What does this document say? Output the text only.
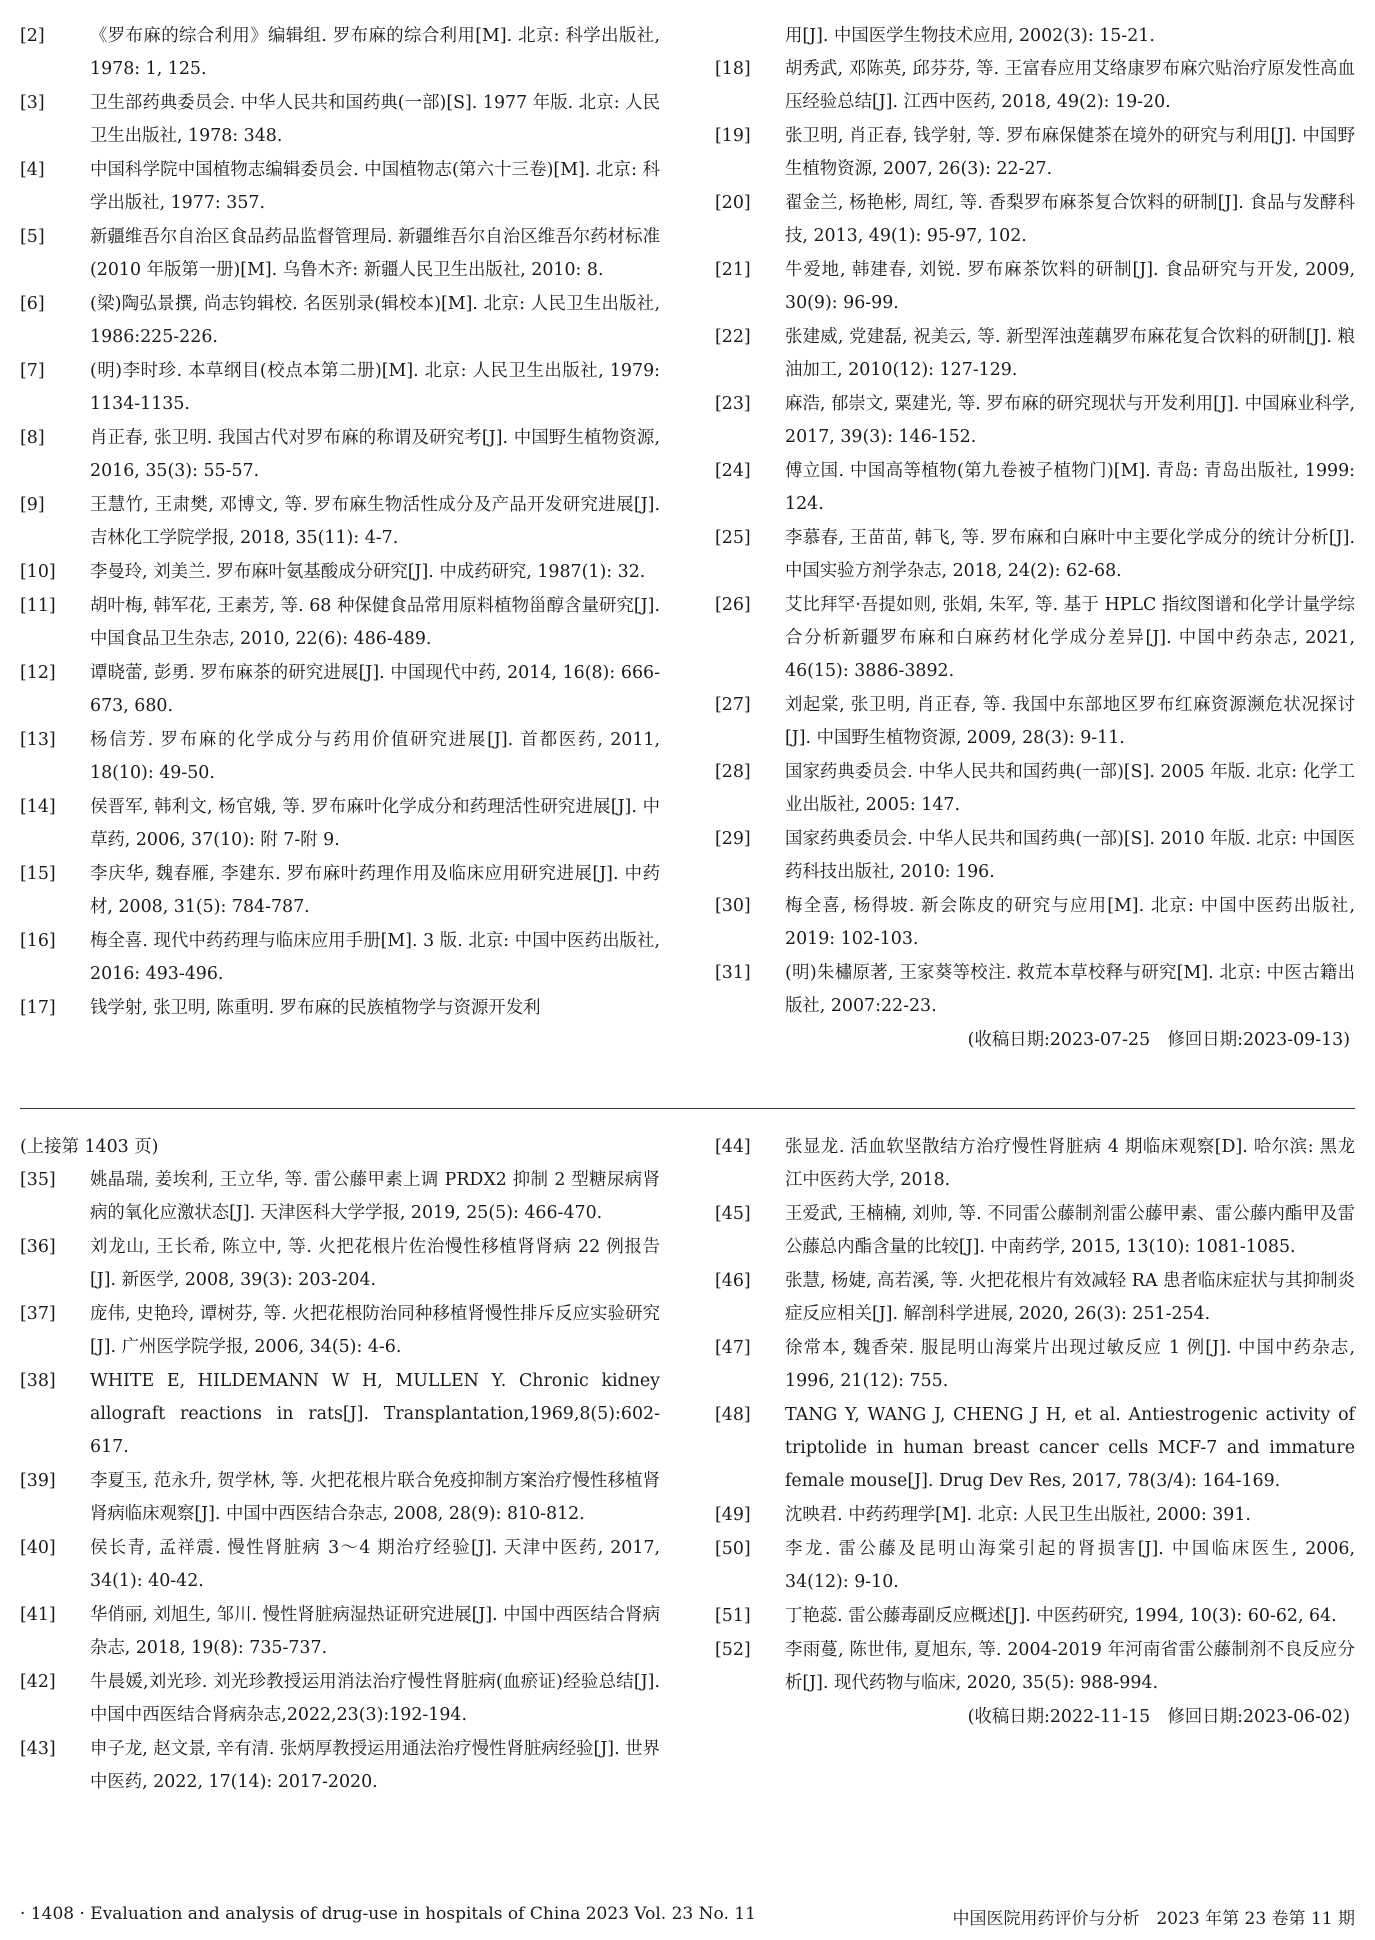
[2]	《罗布麻的综合利用》编辑组. 罗布麻的综合利用[M]. 北京: 科学出版社, 1978: 1, 125.
[3]	卫生部药典委员会. 中华人民共和国药典(一部)[S]. 1977 年版. 北京: 人民卫生出版社, 1978: 348.
[4]	中国科学院中国植物志编辑委员会. 中国植物志(第六十三卷)[M]. 北京: 科学出版社, 1977: 357.
[5]	新疆维吾尔自治区食品药品监督管理局. 新疆维吾尔自治区维吾尔药材标准(2010 年版第一册)[M]. 乌鲁木齐: 新疆人民卫生出版社, 2010: 8.
[6]	(梁)陶弘景撰, 尚志钧辑校. 名医别录(辑校本)[M]. 北京: 人民卫生出版社, 1986:225-226.
[7]	(明)李时珍. 本草纲目(校点本第二册)[M]. 北京: 人民卫生出版社, 1979: 1134-1135.
[8]	肖正春, 张卫明. 我国古代对罗布麻的称谓及研究考[J]. 中国野生植物资源, 2016, 35(3): 55-57.
[9]	王慧竹, 王肃樊, 邓博文, 等. 罗布麻生物活性成分及产品开发研究进展[J]. 吉林化工学院学报, 2018, 35(11): 4-7.
[10]	李曼玲, 刘美兰. 罗布麻叶氨基酸成分研究[J]. 中成药研究, 1987(1): 32.
[11]	胡叶梅, 韩军花, 王素芳, 等. 68 种保健食品常用原料植物甾醇含量研究[J]. 中国食品卫生杂志, 2010, 22(6): 486-489.
[12]	谭晓蕾, 彭勇. 罗布麻茶的研究进展[J]. 中国现代中药, 2014, 16(8): 666-673, 680.
[13]	杨信芳. 罗布麻的化学成分与药用价值研究进展[J]. 首都医药, 2011, 18(10): 49-50.
[14]	侯晋军, 韩利文, 杨官娥, 等. 罗布麻叶化学成分和药理活性研究进展[J]. 中草药, 2006, 37(10): 附 7-附 9.
[15]	李庆华, 魏春雁, 李建东. 罗布麻叶药理作用及临床应用研究进展[J]. 中药材, 2008, 31(5): 784-787.
[16]	梅全喜. 现代中药药理与临床应用手册[M]. 3 版. 北京: 中国中医药出版社, 2016: 493-496.
[17]	钱学射, 张卫明, 陈重明. 罗布麻的民族植物学与资源开发利
用[J]. 中国医学生物技术应用, 2002(3): 15-21.
[18]	胡秀武, 邓陈英, 邱芬芬, 等. 王富春应用艾络康罗布麻穴贴治疗原发性高血压经验总结[J]. 江西中医药, 2018, 49(2): 19-20.
[19]	张卫明, 肖正春, 钱学射, 等. 罗布麻保健茶在境外的研究与利用[J]. 中国野生植物资源, 2007, 26(3): 22-27.
[20]	翟金兰, 杨艳彬, 周红, 等. 香梨罗布麻茶复合饮料的研制[J]. 食品与发酵科技, 2013, 49(1): 95-97, 102.
[21]	牛爱地, 韩建春, 刘锐. 罗布麻茶饮料的研制[J]. 食品研究与开发, 2009, 30(9): 96-99.
[22]	张建威, 党建磊, 祝美云, 等. 新型浑浊莲藕罗布麻花复合饮料的研制[J]. 粮油加工, 2010(12): 127-129.
[23]	麻浩, 郁崇文, 粟建光, 等. 罗布麻的研究现状与开发利用[J]. 中国麻业科学, 2017, 39(3): 146-152.
[24]	傅立国. 中国高等植物(第九卷被子植物门)[M]. 青岛: 青岛出版社, 1999: 124.
[25]	李慕春, 王苗苗, 韩飞, 等. 罗布麻和白麻叶中主要化学成分的统计分析[J]. 中国实验方剂学杂志, 2018, 24(2): 62-68.
[26]	艾比拜罕·吾提如则, 张娟, 朱军, 等. 基于 HPLC 指纹图谱和化学计量学综合分析新疆罗布麻和白麻药材化学成分差异[J]. 中国中药杂志, 2021, 46(15): 3886-3892.
[27]	刘起棠, 张卫明, 肖正春, 等. 我国中东部地区罗布红麻资源濒危状况探讨[J]. 中国野生植物资源, 2009, 28(3): 9-11.
[28]	国家药典委员会. 中华人民共和国药典(一部)[S]. 2005 年版. 北京: 化学工业出版社, 2005: 147.
[29]	国家药典委员会. 中华人民共和国药典(一部)[S]. 2010 年版. 北京: 中国医药科技出版社, 2010: 196.
[30]	梅全喜, 杨得坡. 新会陈皮的研究与应用[M]. 北京: 中国中医药出版社, 2019: 102-103.
[31]	(明)朱橚原著, 王家葵等校注. 救荒本草校释与研究[M]. 北京: 中医古籍出版社, 2007:22-23.
(收稿日期:2023-07-25　修回日期:2023-09-13)
(上接第 1403 页)
[35]	姚晶瑞, 姜埃利, 王立华, 等. 雷公藤甲素上调 PRDX2 抑制 2 型糖尿病肾病的氧化应激状态[J]. 天津医科大学学报, 2019, 25(5): 466-470.
[36]	刘龙山, 王长希, 陈立中, 等. 火把花根片佐治慢性移植肾肾病 22 例报告[J]. 新医学, 2008, 39(3): 203-204.
[37]	庞伟, 史艳玲, 谭树芬, 等. 火把花根防治同种移植肾慢性排斥反应实验研究[J]. 广州医学院学报, 2006, 34(5): 4-6.
[38]	WHITE E, HILDEMANN W H, MULLEN Y. Chronic kidney allograft reactions in rats[J]. Transplantation,1969,8(5):602-617.
[39]	李夏玉, 范永升, 贺学林, 等. 火把花根片联合免疫抑制方案治疗慢性移植肾肾病临床观察[J]. 中国中西医结合杂志, 2008, 28(9): 810-812.
[40]	侯长青, 孟祥震. 慢性肾脏病 3～4 期治疗经验[J]. 天津中医药, 2017, 34(1): 40-42.
[41]	华俏丽, 刘旭生, 邹川. 慢性肾脏病湿热证研究进展[J]. 中国中西医结合肾病杂志, 2018, 19(8): 735-737.
[42]	牛晨媛,刘光珍. 刘光珍教授运用消法治疗慢性肾脏病(血瘀证)经验总结[J]. 中国中西医结合肾病杂志,2022,23(3):192-194.
[43]	申子龙, 赵文景, 辛有清. 张炳厚教授运用通法治疗慢性肾脏病经验[J]. 世界中医药, 2022, 17(14): 2017-2020.
[44]	张显龙. 活血软坚散结方治疗慢性肾脏病 4 期临床观察[D]. 哈尔滨: 黑龙江中医药大学, 2018.
[45]	王爱武, 王楠楠, 刘帅, 等. 不同雷公藤制剂雷公藤甲素、雷公藤内酯甲及雷公藤总内酯含量的比较[J]. 中南药学, 2015, 13(10): 1081-1085.
[46]	张慧, 杨婕, 高若溪, 等. 火把花根片有效减轻 RA 患者临床症状与其抑制炎症反应相关[J]. 解剖科学进展, 2020, 26(3): 251-254.
[47]	徐常本, 魏香荣. 服昆明山海棠片出现过敏反应 1 例[J]. 中国中药杂志, 1996, 21(12): 755.
[48]	TANG Y, WANG J, CHENG J H, et al. Antiestrogenic activity of triptolide in human breast cancer cells MCF-7 and immature female mouse[J]. Drug Dev Res, 2017, 78(3/4): 164-169.
[49]	沈映君. 中药药理学[M]. 北京: 人民卫生出版社, 2000: 391.
[50]	李龙. 雷公藤及昆明山海棠引起的肾损害[J]. 中国临床医生, 2006, 34(12): 9-10.
[51]	丁艳蕊. 雷公藤毒副反应概述[J]. 中医药研究, 1994, 10(3): 60-62, 64.
[52]	李雨蔓, 陈世伟, 夏旭东, 等. 2004-2019 年河南省雷公藤制剂不良反应分析[J]. 现代药物与临床, 2020, 35(5): 988-994.
(收稿日期:2022-11-15　修回日期:2023-06-02)
· 1408 · Evaluation and analysis of drug-use in hospitals of China 2023 Vol. 23 No. 11	中国医院用药评价与分析　2023 年第 23 卷第 11 期
